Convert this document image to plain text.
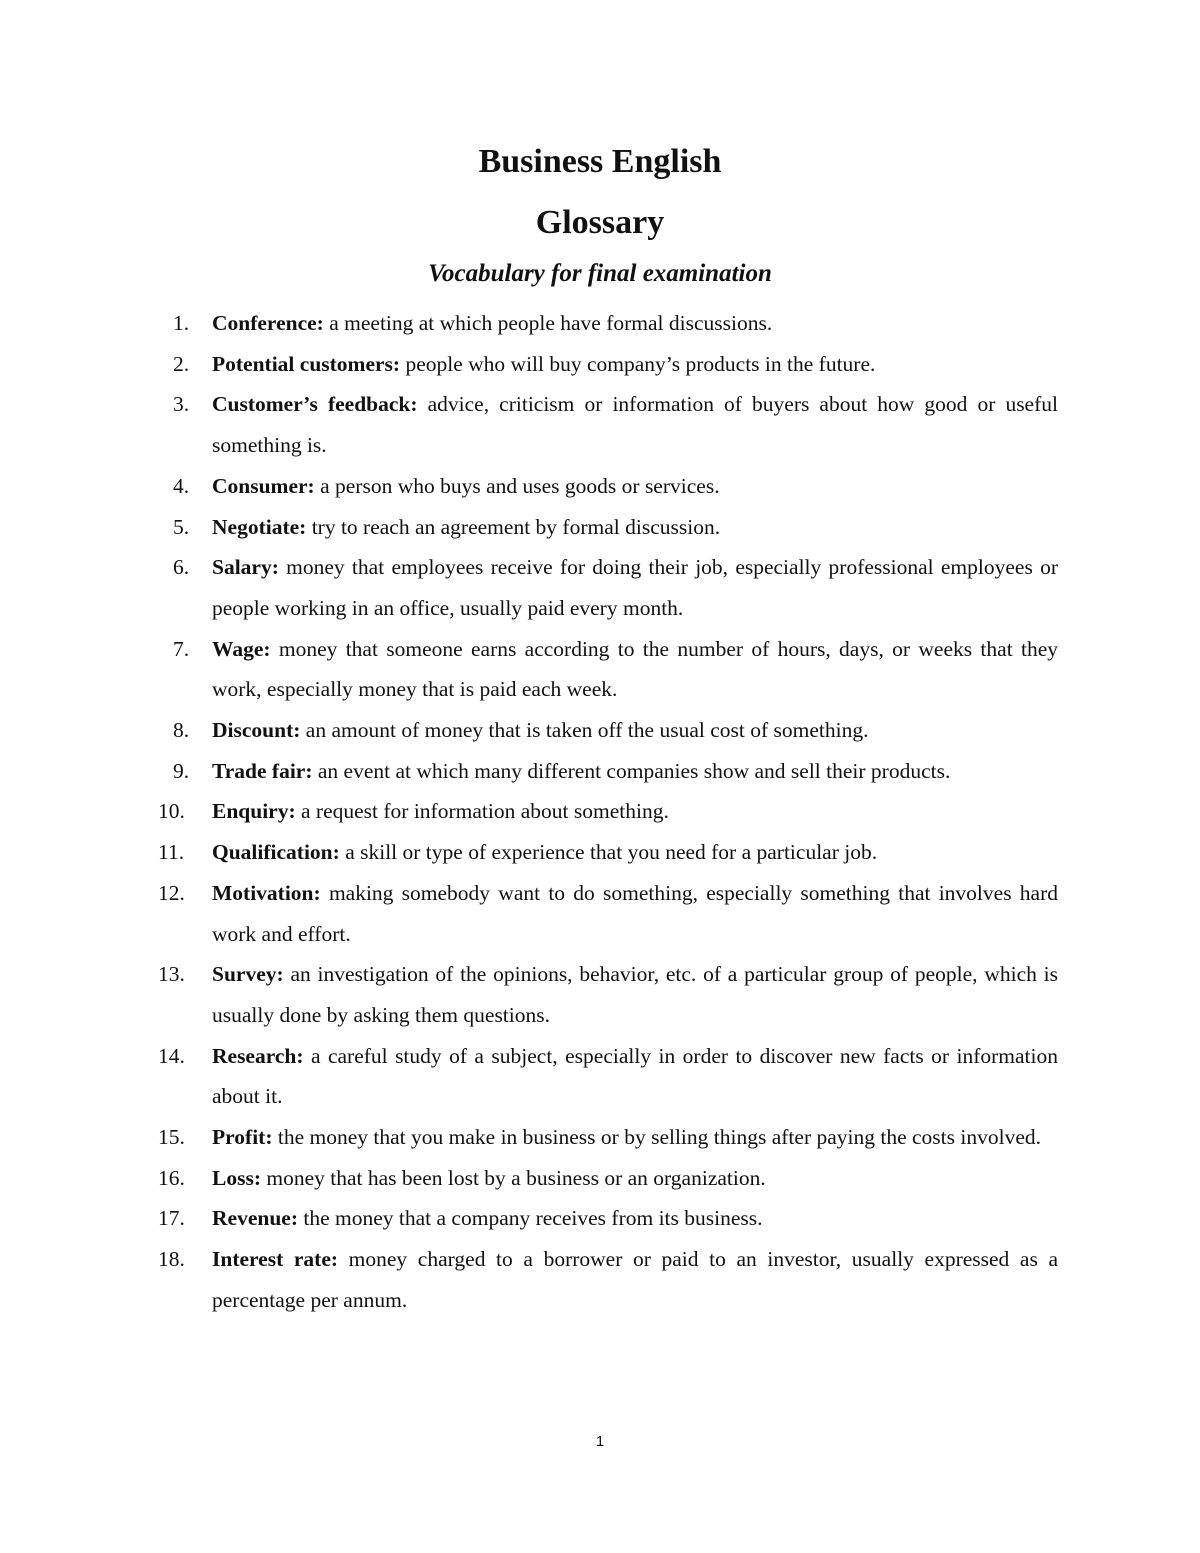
Business English
Glossary
Vocabulary for final examination
1.	Conference: a meeting at which people have formal discussions.
2.	Potential customers: people who will buy company’s products in the future.
3.	Customer’s feedback: advice, criticism or information of buyers about how good or useful something is.
4.	Consumer: a person who buys and uses goods or services.
5.	Negotiate: try to reach an agreement by formal discussion.
6.	Salary: money that employees receive for doing their job, especially professional employees or people working in an office, usually paid every month.
7.	Wage: money that someone earns according to the number of hours, days, or weeks that they work, especially money that is paid each week.
8.	Discount: an amount of money that is taken off the usual cost of something.
9.	Trade fair: an event at which many different companies show and sell their products.
10.	Enquiry: a request for information about something.
11.	Qualification: a skill or type of experience that you need for a particular job.
12.	Motivation: making somebody want to do something, especially something that involves hard work and effort.
13.	Survey: an investigation of the opinions, behavior, etc. of a particular group of people, which is usually done by asking them questions.
14.	Research: a careful study of a subject, especially in order to discover new facts or information about it.
15.	Profit: the money that you make in business or by selling things after paying the costs involved.
16.	Loss: money that has been lost by a business or an organization.
17.	Revenue: the money that a company receives from its business.
18.	Interest rate: money charged to a borrower or paid to an investor, usually expressed as a percentage per annum.
1
